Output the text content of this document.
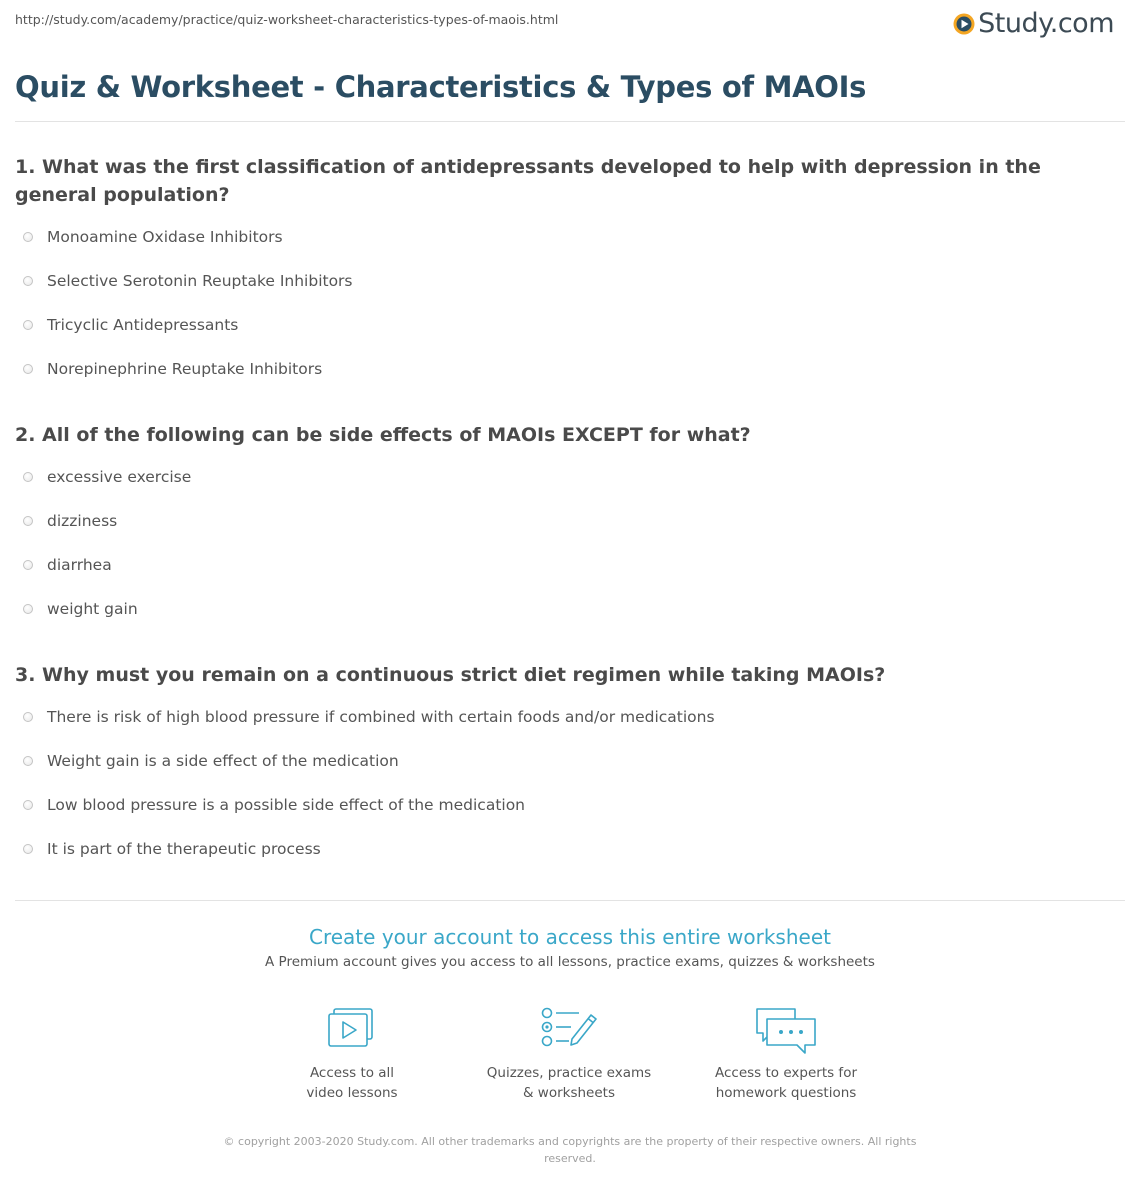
http://study.com/academy/practice/quiz-worksheet-characteristics-types-of-maois.html	Study.com
Quiz & Worksheet - Characteristics & Types of MAOIs
1. What was the first classification of antidepressants developed to help with depression in the general population?
Monoamine Oxidase Inhibitors
Selective Serotonin Reuptake Inhibitors
Tricyclic Antidepressants
Norepinephrine Reuptake Inhibitors
2. All of the following can be side effects of MAOIs EXCEPT for what?
excessive exercise
dizziness
diarrhea
weight gain
3. Why must you remain on a continuous strict diet regimen while taking MAOIs?
There is risk of high blood pressure if combined with certain foods and/or medications
Weight gain is a side effect of the medication
Low blood pressure is a possible side effect of the medication
It is part of the therapeutic process
Create your account to access this entire worksheet
A Premium account gives you access to all lessons, practice exams, quizzes & worksheets
Access to all
video lessons
Quizzes, practice exams
& worksheets
Access to experts for
homework questions
© copyright 2003-2020 Study.com. All other trademarks and copyrights are the property of their respective owners. All rights reserved.
